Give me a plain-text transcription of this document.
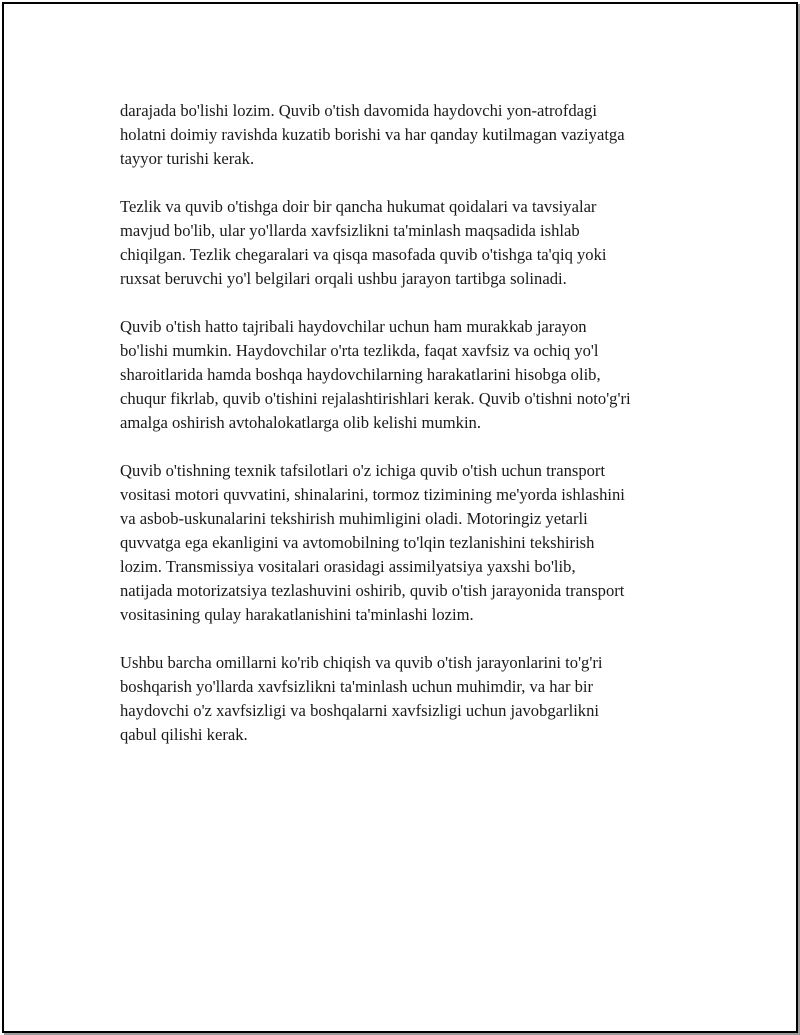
darajada bo'lishi lozim. Quvib o'tish davomida haydovchi yon-atrofdagi
holatni doimiy ravishda kuzatib borishi va har qanday kutilmagan vaziyatga
tayyor turishi kerak.

Tezlik va quvib o'tishga doir bir qancha hukumat qoidalari va tavsiyalar
mavjud bo'lib, ular yo'llarda xavfsizlikni ta'minlash maqsadida ishlab
chiqilgan. Tezlik chegaralari va qisqa masofada quvib o'tishga ta'qiq yoki
ruxsat beruvchi yo'l belgilari orqali ushbu jarayon tartibga solinadi.

Quvib o'tish hatto tajribali haydovchilar uchun ham murakkab jarayon
bo'lishi mumkin. Haydovchilar o'rta tezlikda, faqat xavfsiz va ochiq yo'l
sharoitlarida hamda boshqa haydovchilarning harakatlarini hisobga olib,
chuqur fikrlab, quvib o'tishini rejalashtirishlari kerak. Quvib o'tishni noto'g'ri
amalga oshirish avtohalokatlarga olib kelishi mumkin.

Quvib o'tishning texnik tafsilotlari o'z ichiga quvib o'tish uchun transport
vositasi motori quvvatini, shinalarini, tormoz tizimining me'yorda ishlashini
va asbob-uskunalarini tekshirish muhimligini oladi. Motoringiz yetarli
quvvatga ega ekanligini va avtomobilning to'lqin tezlanishini tekshirish
lozim. Transmissiya vositalari orasidagi assimilyatsiya yaxshi bo'lib,
natijada motorizatsiya tezlashuvini oshirib, quvib o'tish jarayonida transport
vositasining qulay harakatlanishini ta'minlashi lozim.

Ushbu barcha omillarni ko'rib chiqish va quvib o'tish jarayonlarini to'g'ri
boshqarish yo'llarda xavfsizlikni ta'minlash uchun muhimdir, va har bir
haydovchi o'z xavfsizligi va boshqalarni xavfsizligi uchun javobgarlikni
qabul qilishi kerak.
